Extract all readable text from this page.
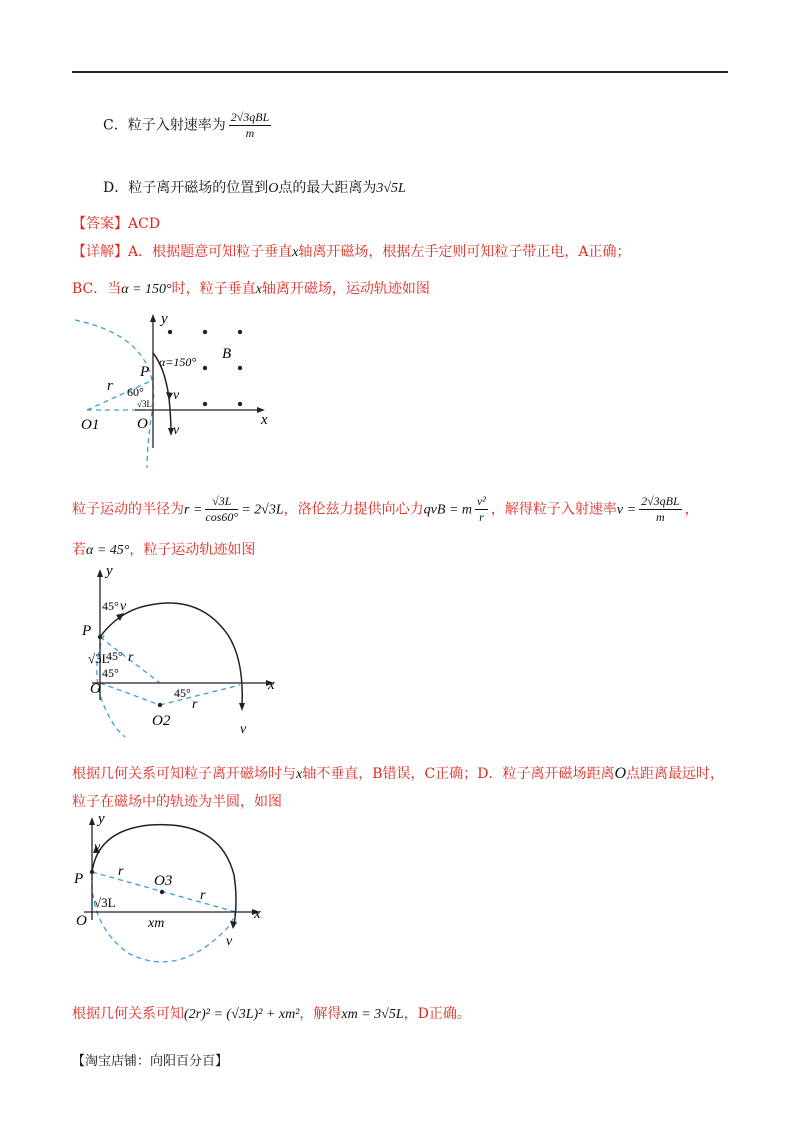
C．粒子入射速率为 $\frac{\text{2√3qBL}}{m}$
D．粒子离开磁场的位置到O点的最大距离为3√5L
【答案】ACD
【详解】A．根据题意可知粒子垂直x轴离开磁场，根据左手定则可知粒子带正电，A正确；
BC．当α = 150°时，粒子垂直x轴离开磁场，运动轨迹如图
y
x
B
α=150°
P
r 60°
√3L
v
v
O
O1
粒子运动的半径为$r = \frac{√3L}{\cos 60^\circ} = 2√3L$，洛伦兹力提供向心力qvB = m $\frac{\text{v²}}{r}$ ，解得粒子入射速率$v = \frac{\text{2√3qBL}}{m}$ ，
若α = 45°，粒子运动轨迹如图
y
x
45° v
P
√3L
45° r
45°
O	45°
O2
r
v
根据几何关系可知粒子离开磁场时与x轴不垂直，B错误，C正确；D．粒子离开磁场距离O点距离最远时，
粒子在磁场中的轨迹为半圆，如图
y
x
v
P r
O3
r
√3L
O	xm
v
根据几何关系可知(2r)² = (√3L)² + xm²，解得xm = 3√5L，D正确。
【淘宝店铺：向阳百分百】
